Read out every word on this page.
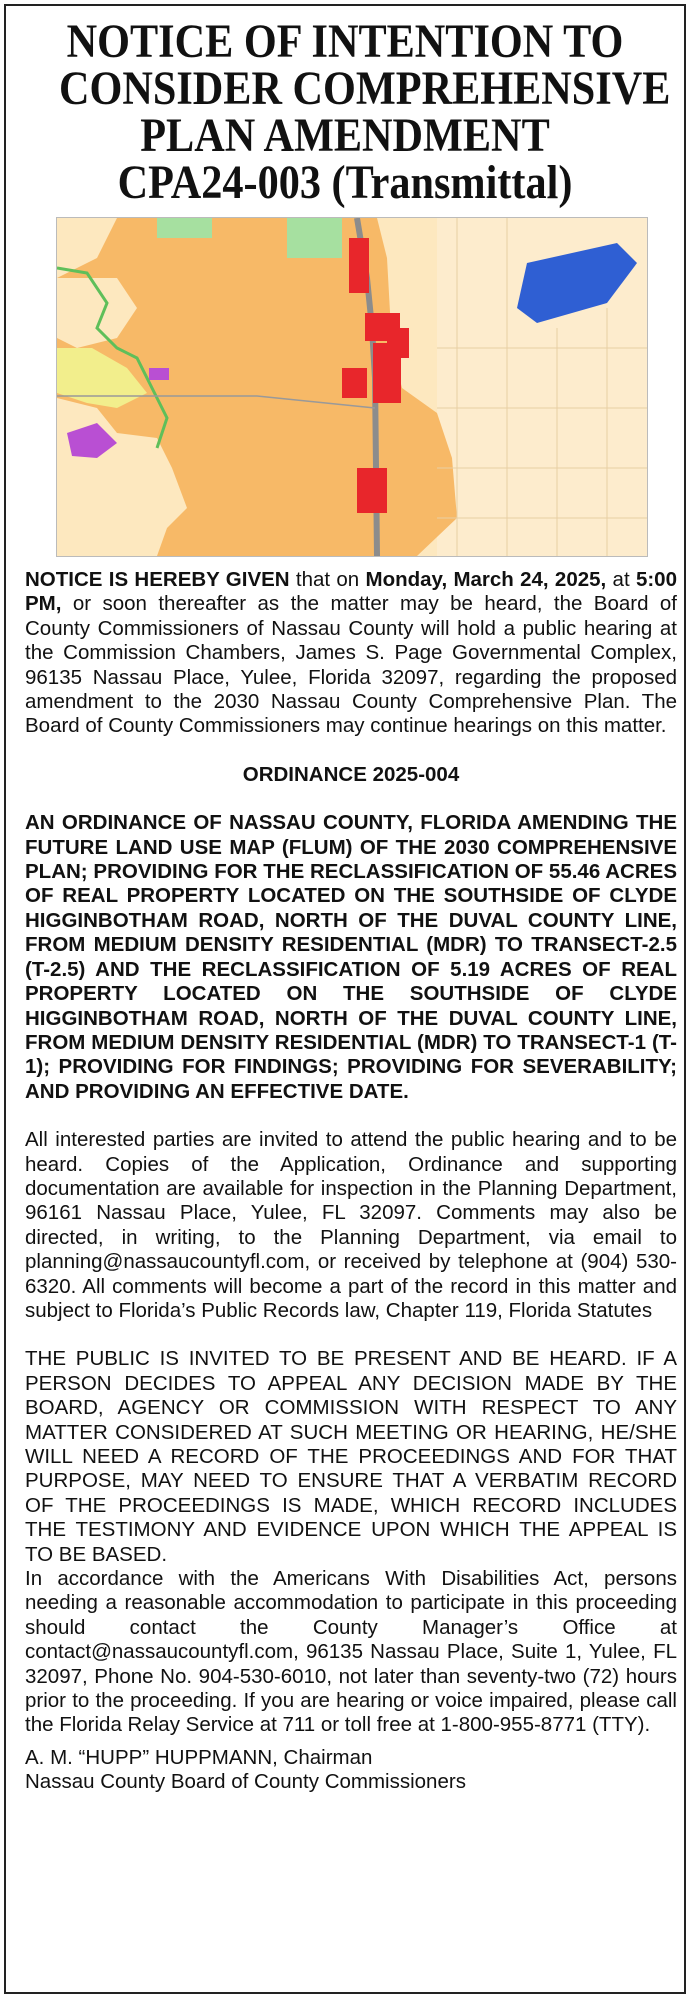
NOTICE OF INTENTION TO
CONSIDER COMPREHENSIVE
PLAN AMENDMENT
CPA24-003 (Transmittal)

NOTICE IS HEREBY GIVEN that on Monday, March 24, 2025, at 5:00 PM, or soon thereafter as the matter may be heard, the Board of County Commissioners of Nassau County will hold a public hearing at the Commission Chambers, James S. Page Governmental Complex, 96135 Nassau Place, Yulee, Florida 32097, regarding the proposed amendment to the 2030 Nassau County Comprehensive Plan. The Board of County Commissioners may continue hearings on this matter.

ORDINANCE 2025-004

AN ORDINANCE OF NASSAU COUNTY, FLORIDA AMENDING THE FUTURE LAND USE MAP (FLUM) OF THE 2030 COMPREHENSIVE PLAN; PROVIDING FOR THE RECLASSIFICATION OF 55.46 ACRES OF REAL PROPERTY LOCATED ON THE SOUTHSIDE OF CLYDE HIGGINBOTHAM ROAD, NORTH OF THE DUVAL COUNTY LINE, FROM MEDIUM DENSITY RESIDENTIAL (MDR) TO TRANSECT-2.5 (T-2.5) AND THE RECLASSIFICATION OF 5.19 ACRES OF REAL PROPERTY LOCATED ON THE SOUTHSIDE OF CLYDE HIGGINBOTHAM ROAD, NORTH OF THE DUVAL COUNTY LINE, FROM MEDIUM DENSITY RESIDENTIAL (MDR) TO TRANSECT-1 (T-1); PROVIDING FOR FINDINGS; PROVIDING FOR SEVERABILITY; AND PROVIDING AN EFFECTIVE DATE.

All interested parties are invited to attend the public hearing and to be heard. Copies of the Application, Ordinance and supporting documentation are available for inspection in the Planning Department, 96161 Nassau Place, Yulee, FL 32097. Comments may also be directed, in writing, to the Planning Department, via email to planning@nassaucountyfl.com, or received by telephone at (904) 530-6320. All comments will become a part of the record in this matter and subject to Florida’s Public Records law, Chapter 119, Florida Statutes

THE PUBLIC IS INVITED TO BE PRESENT AND BE HEARD. IF A PERSON DECIDES TO APPEAL ANY DECISION MADE BY THE BOARD, AGENCY OR COMMISSION WITH RESPECT TO ANY MATTER CONSIDERED AT SUCH MEETING OR HEARING, HE/SHE WILL NEED A RECORD OF THE PROCEEDINGS AND FOR THAT PURPOSE, MAY NEED TO ENSURE THAT A VERBATIM RECORD OF THE PROCEEDINGS IS MADE, WHICH RECORD INCLUDES THE TESTIMONY AND EVIDENCE UPON WHICH THE APPEAL IS TO BE BASED.

In accordance with the Americans With Disabilities Act, persons needing a reasonable accommodation to participate in this proceeding should contact the County Manager’s Office at contact@nassaucountyfl.com, 96135 Nassau Place, Suite 1, Yulee, FL 32097, Phone No. 904-530-6010, not later than seventy-two (72) hours prior to the proceeding. If you are hearing or voice impaired, please call the Florida Relay Service at 711 or toll free at 1-800-955-8771 (TTY).

A. M. “HUPP” HUPPMANN, Chairman

Nassau County Board of County Commissioners
